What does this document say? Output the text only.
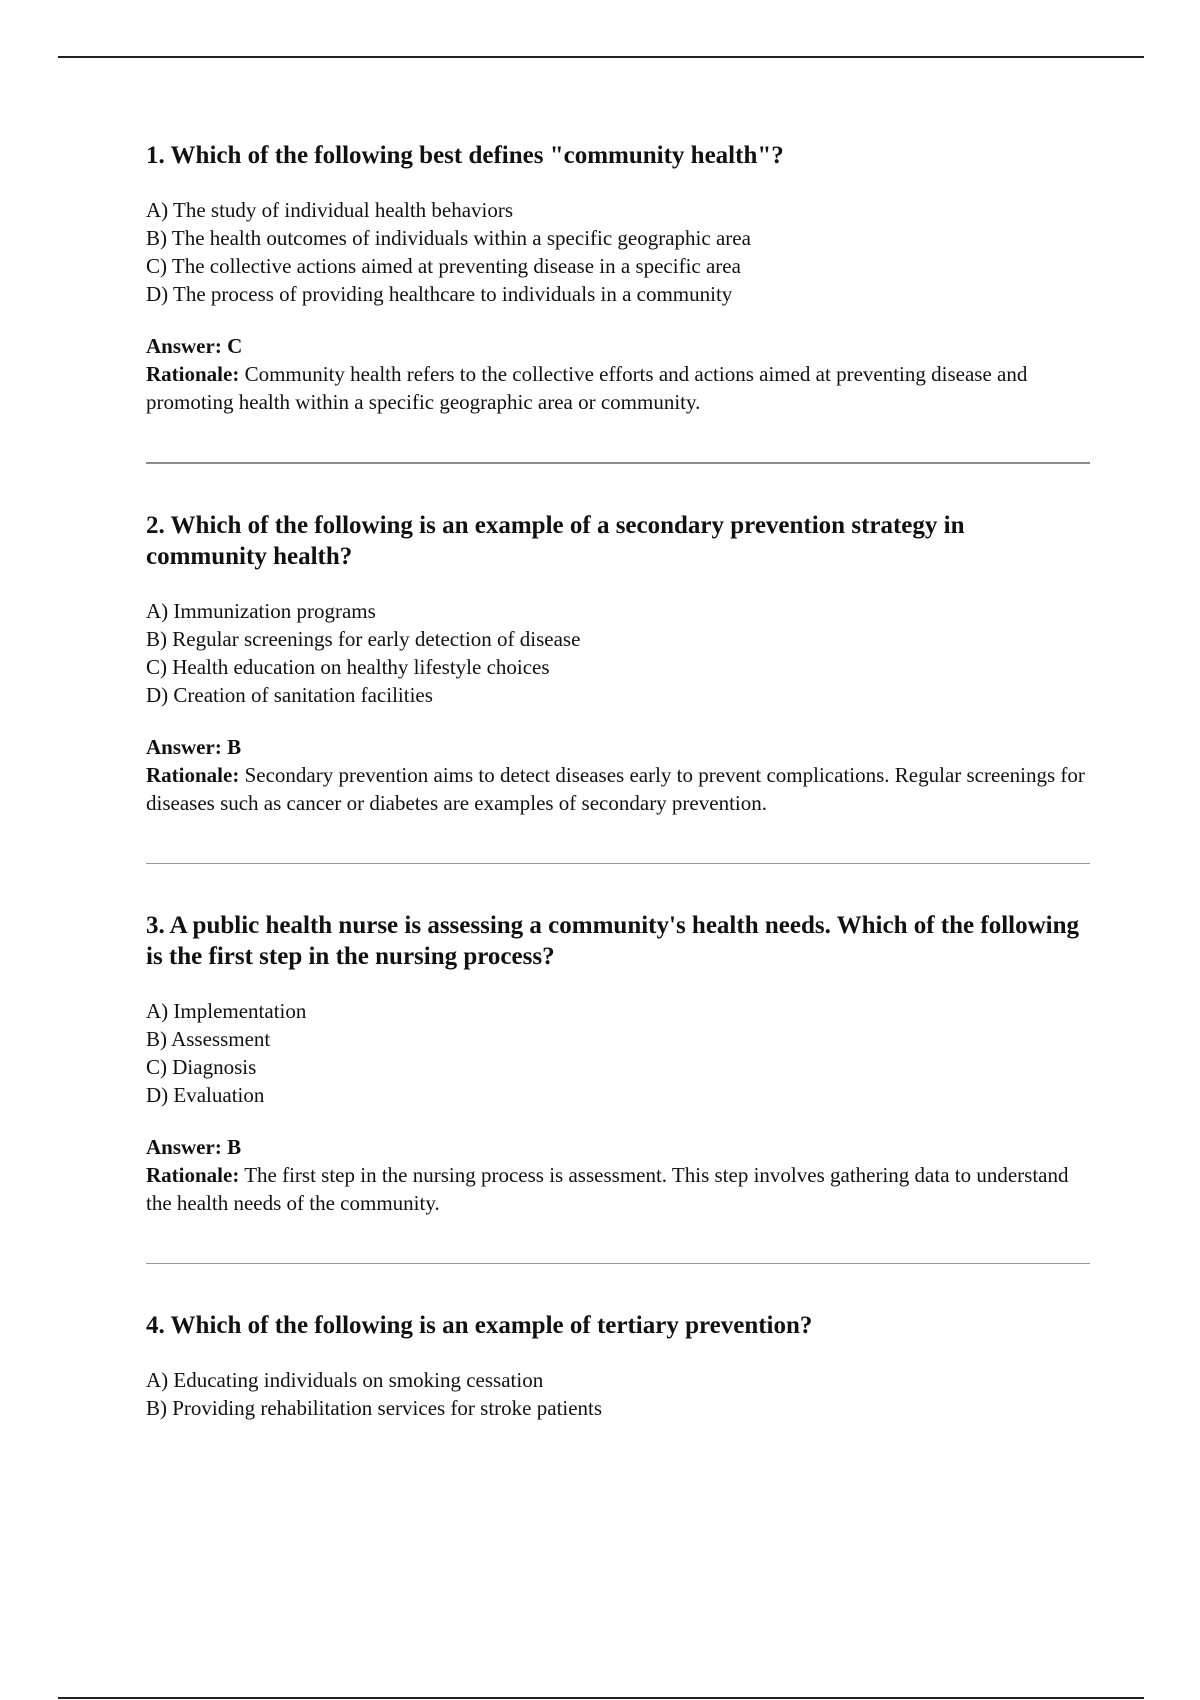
1. Which of the following best defines "community health"?
A) The study of individual health behaviors
B) The health outcomes of individuals within a specific geographic area
C) The collective actions aimed at preventing disease in a specific area
D) The process of providing healthcare to individuals in a community

Answer: C

Rationale: Community health refers to the collective efforts and actions aimed at preventing disease and promoting health within a specific geographic area or community.

2. Which of the following is an example of a secondary prevention strategy in community health?
A) Immunization programs
B) Regular screenings for early detection of disease
C) Health education on healthy lifestyle choices
D) Creation of sanitation facilities

Answer: B

Rationale: Secondary prevention aims to detect diseases early to prevent complications. Regular screenings for diseases such as cancer or diabetes are examples of secondary prevention.

3. A public health nurse is assessing a community's health needs. Which of the following is the first step in the nursing process?
A) Implementation
B) Assessment
C) Diagnosis
D) Evaluation

Answer: B

Rationale: The first step in the nursing process is assessment. This step involves gathering data to understand the health needs of the community.

4. Which of the following is an example of tertiary prevention?
A) Educating individuals on smoking cessation
B) Providing rehabilitation services for stroke patients
